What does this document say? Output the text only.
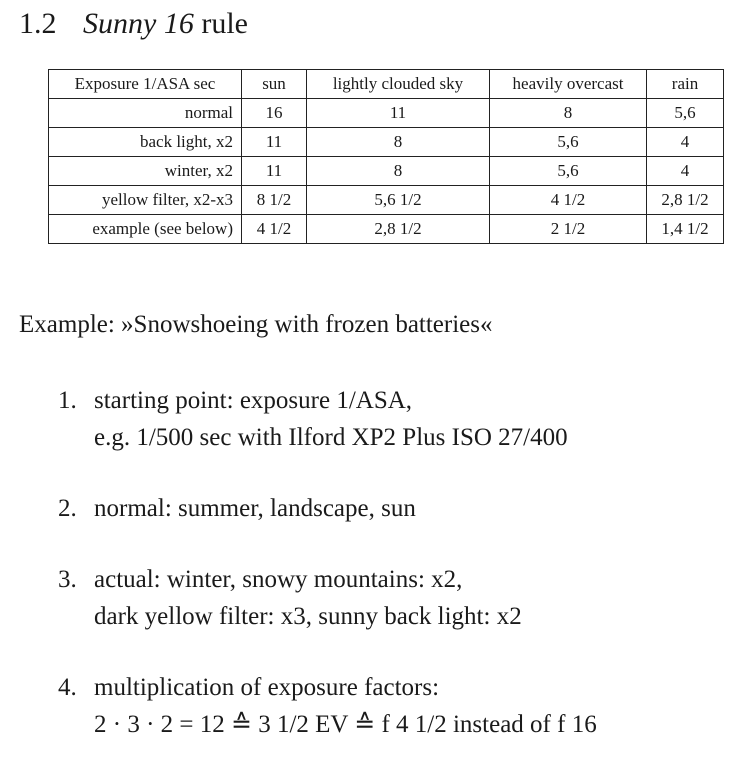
1.2 Sunny 16 rule
Exposure 1/ASA sec	sun	lightly clouded sky	heavily overcast	rain
normal	16	11	8	5,6
back light, x2	11	8	5,6	4
winter, x2	11	8	5,6	4
yellow filter, x2-x3	8 1/2	5,6 1/2	4 1/2	2,8 1/2
example (see below)	4 1/2	2,8 1/2	2 1/2	1,4 1/2
Example: »Snowshoeing with frozen batteries«
1. starting point: exposure 1/ASA,
e.g. 1/500 sec with Ilford XP2 Plus ISO 27/400
2. normal: summer, landscape, sun
3. actual: winter, snowy mountains: x2,
dark yellow filter: x3, sunny back light: x2
4. multiplication of exposure factors:
2 · 3 · 2 = 12 ≙ 3 1/2 EV ≙ f 4 1/2 instead of f 16
